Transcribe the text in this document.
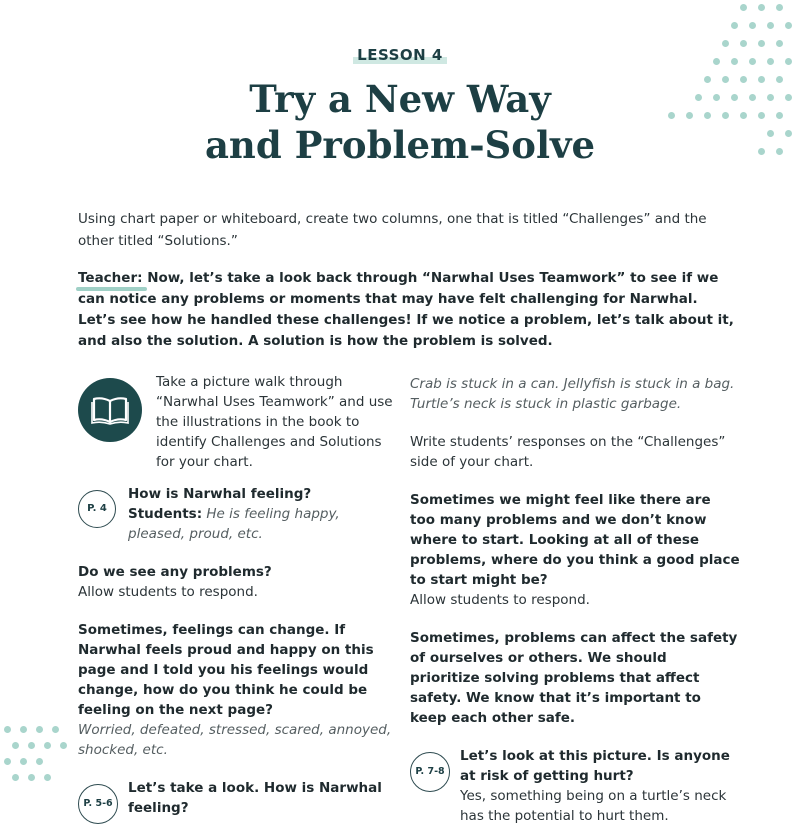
LESSON 4
Try a New Way
and Problem-Solve

Using chart paper or whiteboard, create two columns, one that is titled “Challenges” and the other titled “Solutions.”

Teacher: Now, let’s take a look back through “Narwhal Uses Teamwork” to see if we can notice any problems or moments that may have felt challenging for Narwhal. Let’s see how he handled these challenges! If we notice a problem, let’s talk about it, and also the solution. A solution is how the problem is solved.

Take a picture walk through “Narwhal Uses Teamwork” and use the illustrations in the book to identify Challenges and Solutions for your chart.

P. 4

How is Narwhal feeling?

Students: He is feeling happy, pleased, proud, etc.

Do we see any problems?

Allow students to respond.

Sometimes, feelings can change. If Narwhal feels proud and happy on this page and I told you his feelings would change, how do you think he could be feeling on the next page?

Worried, defeated, stressed, scared, annoyed, shocked, etc.

P. 5-6

Let’s take a look. How is Narwhal feeling?

Crab is stuck in a can. Jellyfish is stuck in a bag. Turtle’s neck is stuck in plastic garbage.

Write students’ responses on the “Challenges” side of your chart.

Sometimes we might feel like there are too many problems and we don’t know where to start. Looking at all of these problems, where do you think a good place to start might be?

Allow students to respond.

Sometimes, problems can affect the safety of ourselves or others. We should prioritize solving problems that affect safety. We know that it’s important to keep each other safe.

P. 7-8

Let’s look at this picture. Is anyone at risk of getting hurt?

Yes, something being on a turtle’s neck has the potential to hurt them.
